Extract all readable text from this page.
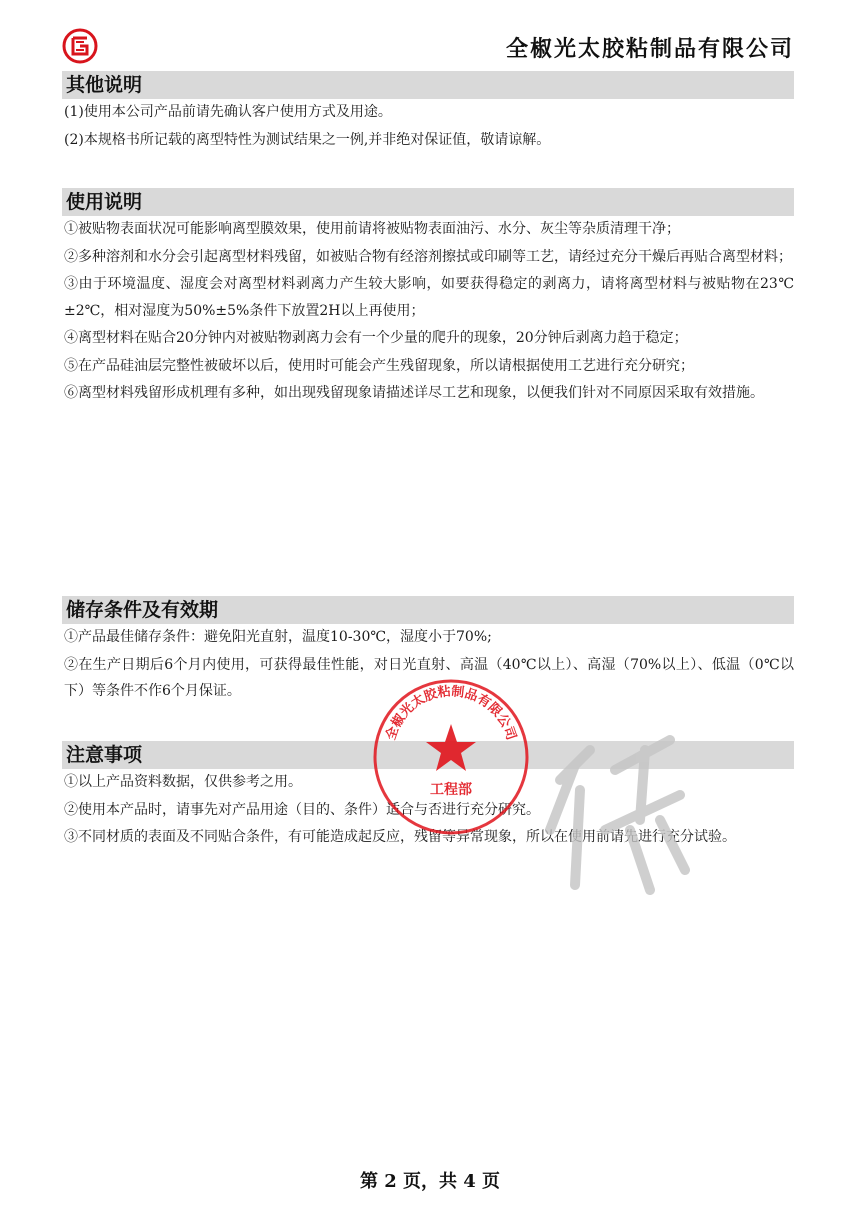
全椒光太胶粘制品有限公司
其他说明

(1)使用本公司产品前请先确认客户使用方式及用途。

(2)本规格书所记载的离型特性为测试结果之一例,并非绝对保证值，敬请谅解。

使用说明

①被贴物表面状况可能影响离型膜效果，使用前请将被贴物表面油污、水分、灰尘等杂质清理干净；

②多种溶剂和水分会引起离型材料残留，如被贴合物有经溶剂擦拭或印刷等工艺，请经过充分干燥后再贴合离型材料；

③由于环境温度、湿度会对离型材料剥离力产生较大影响，如要获得稳定的剥离力，请将离型材料与被贴物在23℃±2℃，相对湿度为50%±5%条件下放置2H以上再使用；

④离型材料在贴合20分钟内对被贴物剥离力会有一个少量的爬升的现象，20分钟后剥离力趋于稳定；

⑤在产品硅油层完整性被破坏以后，使用时可能会产生残留现象，所以请根据使用工艺进行充分研究；

⑥离型材料残留形成机理有多种，如出现残留现象请描述详尽工艺和现象，以便我们针对不同原因采取有效措施。

储存条件及有效期

①产品最佳储存条件：避免阳光直射，温度10-30℃，湿度小于70%;

②在生产日期后6个月内使用，可获得最佳性能，对日光直射、高温（40℃以上）、高湿（70%以上）、低温（0℃以下）等条件不作6个月保证。

注意事项

①以上产品资料数据，仅供参考之用。

②使用本产品时，请事先对产品用途（目的、条件）适合与否进行充分研究。

③不同材质的表面及不同贴合条件，有可能造成起反应，残留等异常现象，所以在使用前请先进行充分试验。

全椒光太胶粘制品有限公司
工程部
第 2 页，共 4 页
